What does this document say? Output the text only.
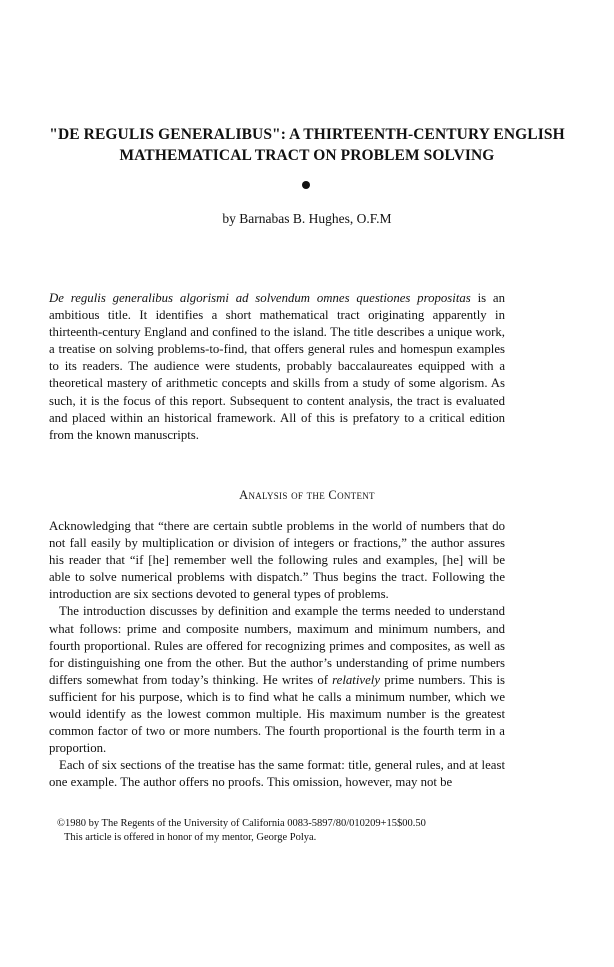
"DE REGULIS GENERALIBUS": A THIRTEENTH-CENTURY ENGLISH MATHEMATICAL TRACT ON PROBLEM SOLVING
by Barnabas B. Hughes, O.F.M

De regulis generalibus algorismi ad solvendum omnes questiones propositas is an ambitious title. It identifies a short mathematical tract originating apparently in thirteenth-century England and confined to the island. The title describes a unique work, a treatise on solving problems-to-find, that offers general rules and homespun examples to its readers. The audience were students, probably baccalaureates equipped with a theoretical mastery of arithmetic concepts and skills from a study of some algorism. As such, it is the focus of this report. Subsequent to content analysis, the tract is evaluated and placed within an historical framework. All of this is prefatory to a critical edition from the known manuscripts.

Analysis of the Content

Acknowledging that “there are certain subtle problems in the world of numbers that do not fall easily by multiplication or division of integers or fractions,” the author assures his reader that “if [he] remember well the following rules and examples, [he] will be able to solve numerical problems with dispatch.” Thus begins the tract. Following the introduction are six sections devoted to general types of problems.

The introduction discusses by definition and example the terms needed to understand what follows: prime and composite numbers, maximum and minimum numbers, and fourth proportional. Rules are offered for recognizing primes and composites, as well as for distinguishing one from the other. But the author’s understanding of prime numbers differs somewhat from today’s thinking. He writes of relatively prime numbers. This is sufficient for his purpose, which is to find what he calls a minimum number, which we would identify as the lowest common multiple. His maximum number is the greatest common factor of two or more numbers. The fourth proportional is the fourth term in a proportion.

Each of six sections of the treatise has the same format: title, general rules, and at least one example. The author offers no proofs. This omission, however, may not be

©1980 by The Regents of the University of California 0083-5897/80/010209+15$00.50
This article is offered in honor of my mentor, George Polya.
